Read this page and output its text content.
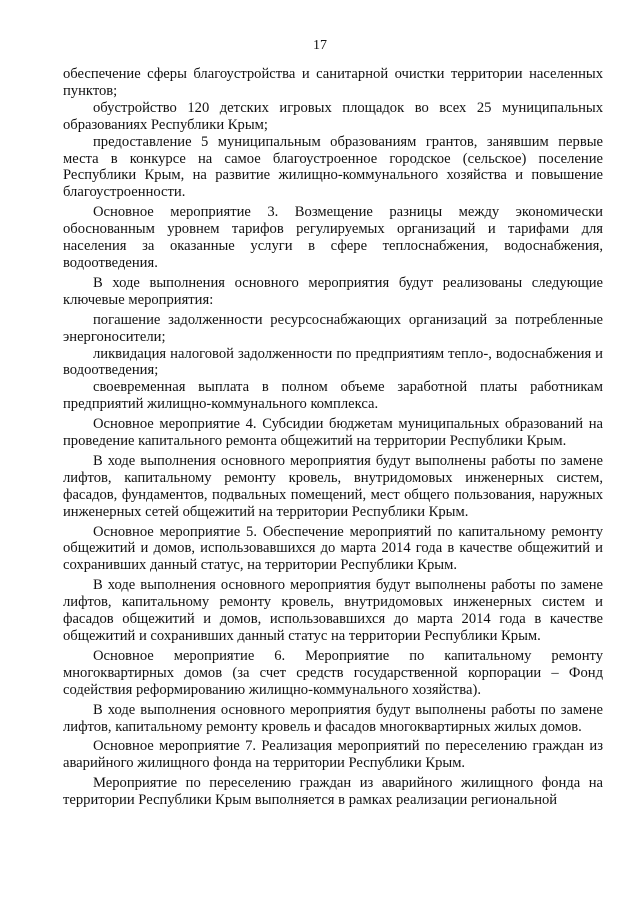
17

обеспечение сферы благоустройства и санитарной очистки территории населенных пунктов;

обустройство 120 детских игровых площадок во всех 25 муниципальных образованиях Республики Крым;

предоставление 5 муниципальным образованиям грантов, занявшим первые места в конкурсе на самое благоустроенное городское (сельское) поселение Республики Крым, на развитие жилищно-коммунального хозяйства и повышение благоустроенности.

Основное мероприятие 3. Возмещение разницы между экономически обоснованным уровнем тарифов регулируемых организаций и тарифами для населения за оказанные услуги в сфере теплоснабжения, водоснабжения, водоотведения.

В ходе выполнения основного мероприятия будут реализованы следующие ключевые мероприятия:

погашение задолженности ресурсоснабжающих организаций за потребленные энергоносители;

ликвидация налоговой задолженности по предприятиям тепло-, водоснабжения и водоотведения;

своевременная выплата в полном объеме заработной платы работникам предприятий жилищно-коммунального комплекса.

Основное мероприятие 4. Субсидии бюджетам муниципальных образований на проведение капитального ремонта общежитий на территории Республики Крым.

В ходе выполнения основного мероприятия будут выполнены работы по замене лифтов, капитальному ремонту кровель, внутридомовых инженерных систем, фасадов, фундаментов, подвальных помещений, мест общего пользования, наружных инженерных сетей общежитий на территории Республики Крым.

Основное мероприятие 5. Обеспечение мероприятий по капитальному ремонту общежитий и домов, использовавшихся до марта 2014 года в качестве общежитий и сохранивших данный статус, на территории Республики Крым.

В ходе выполнения основного мероприятия будут выполнены работы по замене лифтов, капитальному ремонту кровель, внутридомовых инженерных систем и фасадов общежитий и домов, использовавшихся до марта 2014 года в качестве общежитий и сохранивших данный статус на территории Республики Крым.

Основное мероприятие 6. Мероприятие по капитальному ремонту многоквартирных домов (за счет средств государственной корпорации – Фонд содействия реформированию жилищно-коммунального хозяйства).

В ходе выполнения основного мероприятия будут выполнены работы по замене лифтов, капитальному ремонту кровель и фасадов многоквартирных жилых домов.

Основное мероприятие 7. Реализация мероприятий по переселению граждан из аварийного жилищного фонда на территории Республики Крым.

Мероприятие по переселению граждан из аварийного жилищного фонда на территории Республики Крым выполняется в рамках реализации региональной
